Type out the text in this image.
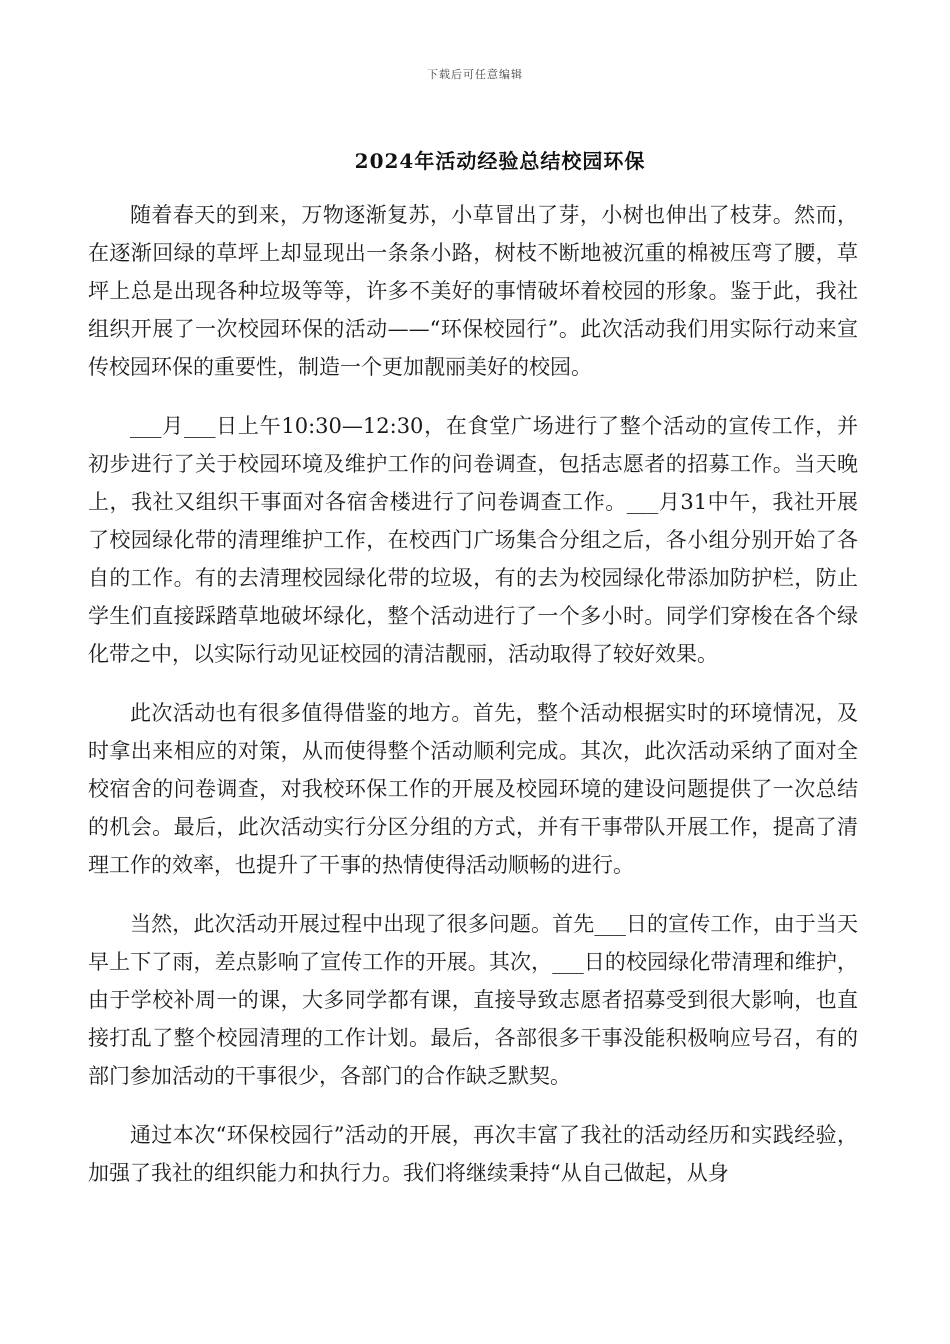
下载后可任意编辑
2024年活动经验总结校园环保

随着春天的到来，万物逐渐复苏，小草冒出了芽，小树也伸出了枝芽。然而，在逐渐回绿的草坪上却显现出一条条小路，树枝不断地被沉重的棉被压弯了腰，草坪上总是出现各种垃圾等等，许多不美好的事情破坏着校园的形象。鉴于此，我社组织开展了一次校园环保的活动——“环保校园行”。此次活动我们用实际行动来宣传校园环保的重要性，制造一个更加靓丽美好的校园。

___月___日上午10:30—12:30，在食堂广场进行了整个活动的宣传工作，并初步进行了关于校园环境及维护工作的问卷调查，包括志愿者的招募工作。当天晚上，我社又组织干事面对各宿舍楼进行了问卷调查工作。___月31中午，我社开展了校园绿化带的清理维护工作，在校西门广场集合分组之后，各小组分别开始了各自的工作。有的去清理校园绿化带的垃圾，有的去为校园绿化带添加防护栏，防止学生们直接踩踏草地破坏绿化，整个活动进行了一个多小时。同学们穿梭在各个绿化带之中，以实际行动见证校园的清洁靓丽，活动取得了较好效果。

此次活动也有很多值得借鉴的地方。首先，整个活动根据实时的环境情况，及时拿出来相应的对策，从而使得整个活动顺利完成。其次，此次活动采纳了面对全校宿舍的问卷调查，对我校环保工作的开展及校园环境的建设问题提供了一次总结的机会。最后，此次活动实行分区分组的方式，并有干事带队开展工作，提高了清理工作的效率，也提升了干事的热情使得活动顺畅的进行。

当然，此次活动开展过程中出现了很多问题。首先___日的宣传工作，由于当天早上下了雨，差点影响了宣传工作的开展。其次，___日的校园绿化带清理和维护，由于学校补周一的课，大多同学都有课，直接导致志愿者招募受到很大影响，也直接打乱了整个校园清理的工作计划。最后，各部很多干事没能积极响应号召，有的部门参加活动的干事很少，各部门的合作缺乏默契。

通过本次“环保校园行”活动的开展，再次丰富了我社的活动经历和实践经验，加强了我社的组织能力和执行力。我们将继续秉持“从自己做起，从身
